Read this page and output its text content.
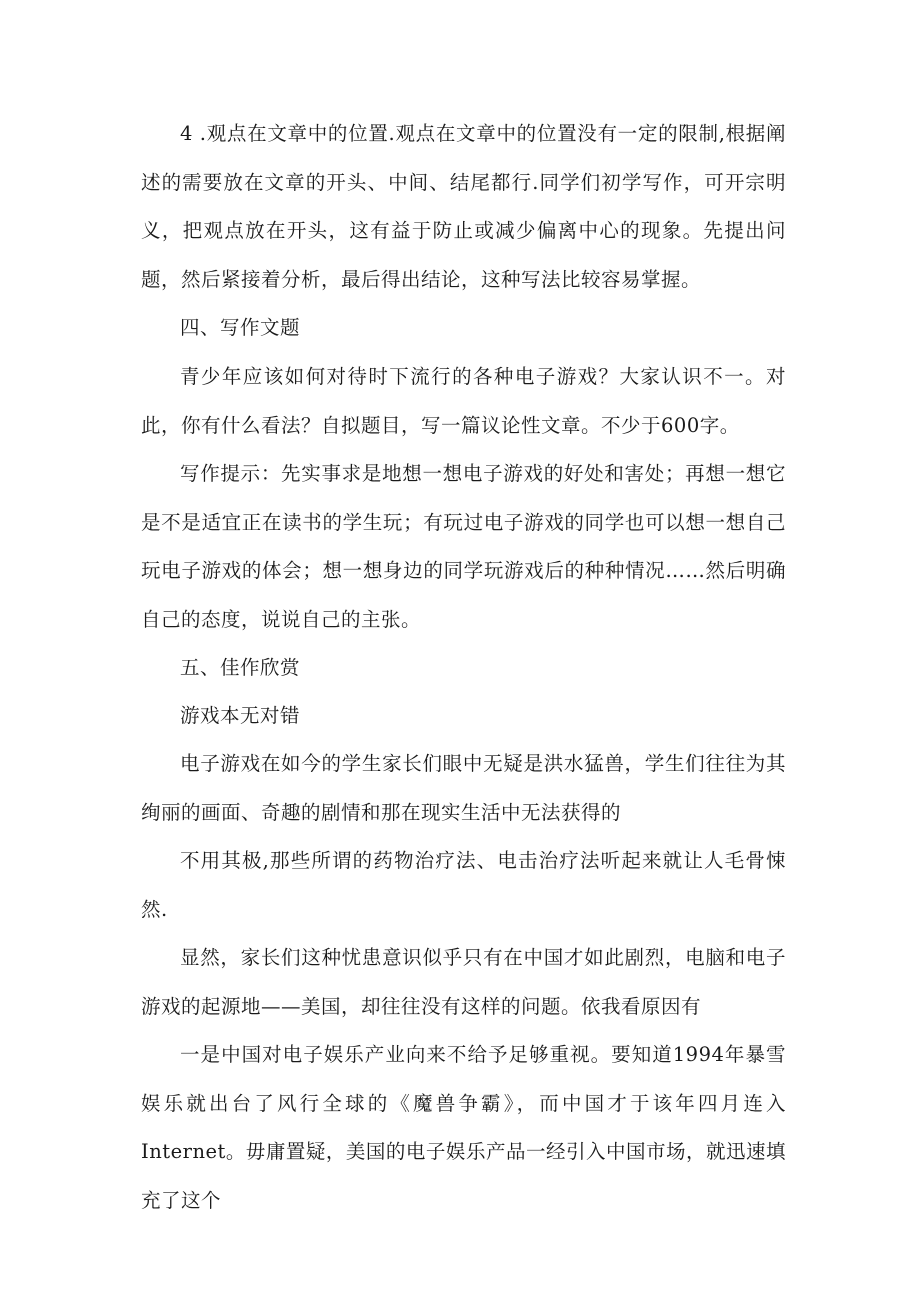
4 .观点在文章中的位置.观点在文章中的位置没有一定的限制,根据阐述的需要放在文章的开头、中间、结尾都行.同学们初学写作，可开宗明义，把观点放在开头，这有益于防止或减少偏离中心的现象。先提出问题，然后紧接着分析，最后得出结论，这种写法比较容易掌握。

四、写作文题

青少年应该如何对待时下流行的各种电子游戏？大家认识不一。对此，你有什么看法？自拟题目，写一篇议论性文章。不少于600字。

写作提示：先实事求是地想一想电子游戏的好处和害处；再想一想它是不是适宜正在读书的学生玩；有玩过电子游戏的同学也可以想一想自己玩电子游戏的体会；想一想身边的同学玩游戏后的种种情况……然后明确自己的态度，说说自己的主张。

五、佳作欣赏

游戏本无对错

电子游戏在如今的学生家长们眼中无疑是洪水猛兽，学生们往往为其绚丽的画面、奇趣的剧情和那在现实生活中无法获得的

不用其极,那些所谓的药物治疗法、电击治疗法听起来就让人毛骨悚然.

显然，家长们这种忧患意识似乎只有在中国才如此剧烈，电脑和电子游戏的起源地——美国，却往往没有这样的问题。依我看原因有

一是中国对电子娱乐产业向来不给予足够重视。要知道1994年暴雪娱乐就出台了风行全球的《魔兽争霸》，而中国才于该年四月连入Internet。毋庸置疑，美国的电子娱乐产品一经引入中国市场，就迅速填充了这个
